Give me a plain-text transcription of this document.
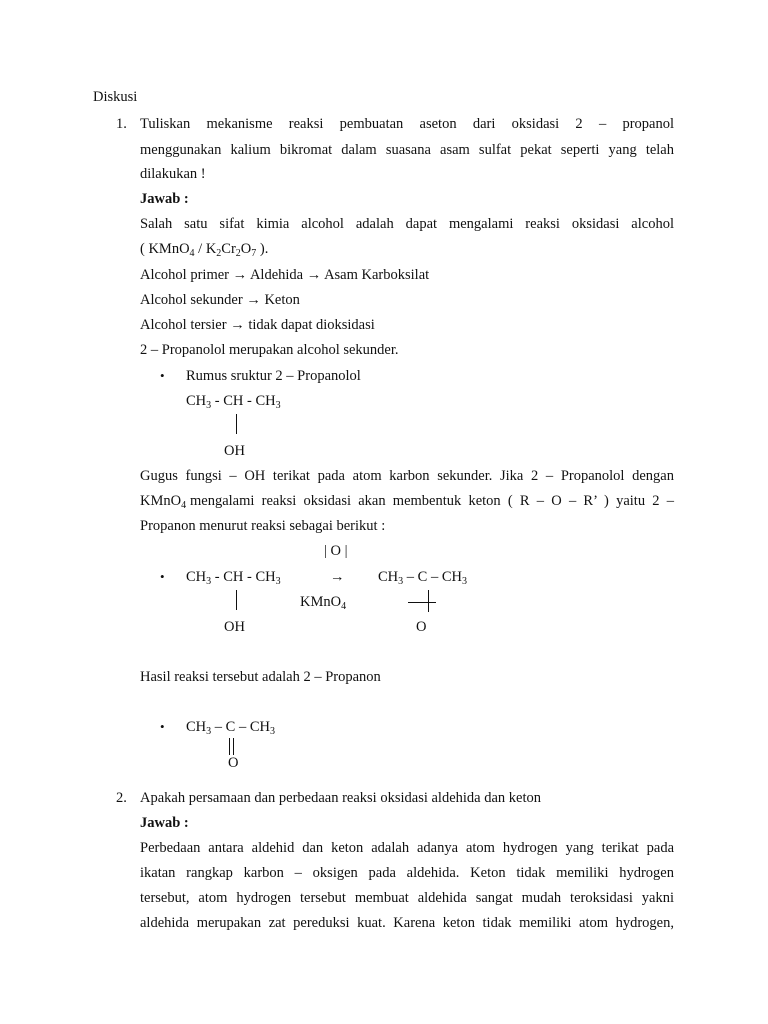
Diskusi
1. Tuliskan mekanisme reaksi pembuatan aseton dari oksidasi 2 – propanol
menggunakan kalium bikromat dalam suasana asam sulfat pekat seperti yang telah
dilakukan !
Jawab :
Salah satu sifat kimia alcohol adalah dapat mengalami reaksi oksidasi alcohol
( KMnO$_4$ / $K_2Cr_2O_7$ ).
Alcohol primer → Aldehida → Asam Karboksilat
Alcohol sekunder → Keton
Alcohol tersier → tidak dapat dioksidasi
2 – Propanolol merupakan alcohol sekunder.
• Rumus sruktur 2 – Propanolol
$CH_3$ - CH - $CH_3$
OH
Gugus fungsi – OH terikat pada atom karbon sekunder. Jika 2 – Propanolol dengan
KMnO$_4$ mengalami reaksi oksidasi akan membentuk keton ( R – O – R’ ) yaitu 2 –
Propanon menurut reaksi sebagai berikut :
| O |
• $CH_3$ - CH - $CH_3$	→ $CH_3$ – C – $CH_3$
KMnO$_4$
OH	O
Hasil reaksi tersebut adalah 2 – Propanon
• $CH_3$ – C – $CH_3$
O
2. Apakah persamaan dan perbedaan reaksi oksidasi aldehida dan keton
Jawab :
Perbedaan antara aldehid dan keton adalah adanya atom hydrogen yang terikat pada
ikatan rangkap karbon – oksigen pada aldehida. Keton tidak memiliki hydrogen
tersebut, atom hydrogen tersebut membuat aldehida sangat mudah teroksidasi yakni
aldehida merupakan zat pereduksi kuat. Karena keton tidak memiliki atom hydrogen,
